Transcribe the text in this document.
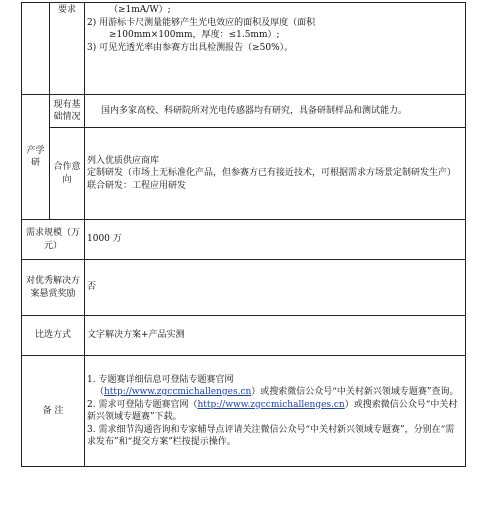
	要求	（≥1mA/W）;
2) 用游标卡尺测量能够产生光电效应的面积及厚度（面积
≥100mm×100mm，厚度：≤1.5mm）;
3) 可见光透光率由参赛方出具检测报告（≥50%）。

产学研	现有基础情况	国内多家高校、科研院所对光电传感器均有研究，具备研制样品和测试能力。
	合作意向	列入优质供应商库
定制研发（市场上无标准化产品，但参赛方已有接近技术，可根据需求方场景定制研发生产）
联合研发：工程应用研发

需求规模（万元）		1000 万
对优秀解决方案悬赏奖励		否
比选方式		文字解决方案+产品实测
备 注		1. 专题赛详细信息可登陆专题赛官网
（http://www.zgccmichallenges.cn）或搜索微信公众号“中关村新兴领域专题赛”查询。
2. 需求可登陆专题赛官网（http://www.zgccmichallenges.cn）或搜索微信公众号“中关村新兴领域专题赛”下载。
3. 需求细节沟通咨询和专家辅导点评请关注微信公众号“中关村新兴领域专题赛”，分别在“需求发布”和“提交方案”栏按提示操作。
